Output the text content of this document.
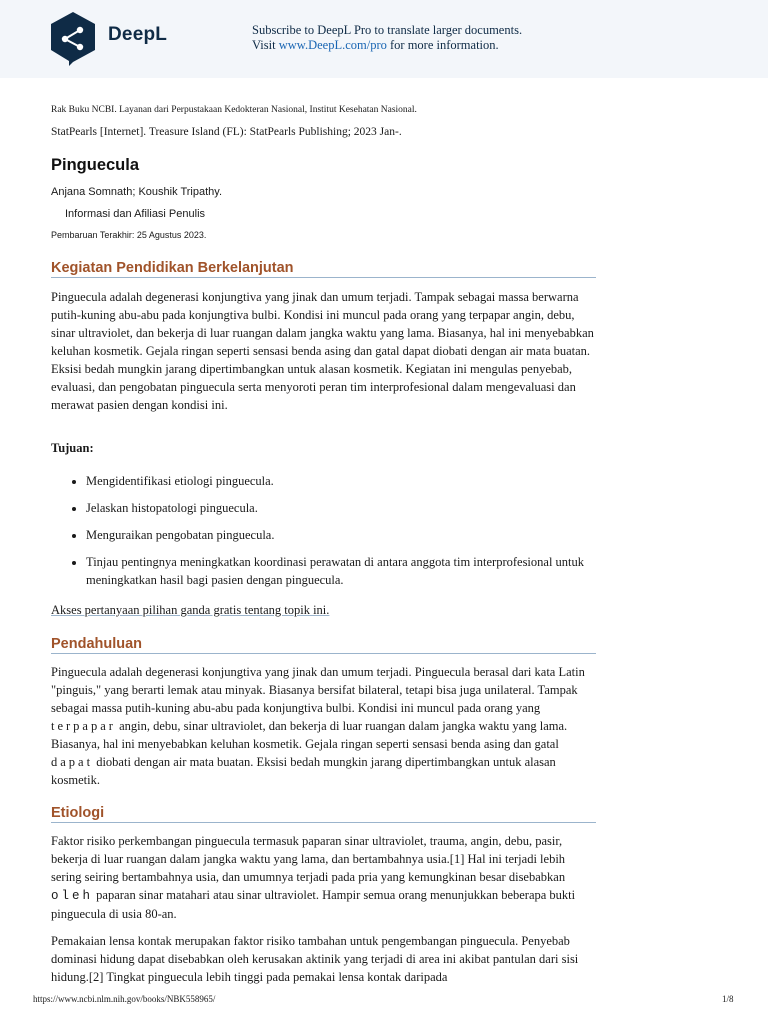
DeepL	Subscribe to DeepL Pro to translate larger documents.
Visit www.DeepL.com/pro for more information.

Rak Buku NCBI. Layanan dari Perpustakaan Kedokteran Nasional, Institut Kesehatan Nasional.

StatPearls [Internet]. Treasure Island (FL): StatPearls Publishing; 2023 Jan-.

Pinguecula
Anjana Somnath; Koushik Tripathy.
Informasi dan Afiliasi Penulis
Pembaruan Terakhir: 25 Agustus 2023.
Kegiatan Pendidikan Berkelanjutan

Pinguecula adalah degenerasi konjungtiva yang jinak dan umum terjadi. Tampak sebagai massa berwarna putih-kuning abu-abu pada konjungtiva bulbi. Kondisi ini muncul pada orang yang terpapar angin, debu, sinar ultraviolet, dan bekerja di luar ruangan dalam jangka waktu yang lama. Biasanya, hal ini menyebabkan keluhan kosmetik. Gejala ringan seperti sensasi benda asing dan gatal dapat diobati dengan air mata buatan. Eksisi bedah mungkin jarang dipertimbangkan untuk alasan kosmetik. Kegiatan ini mengulas penyebab, evaluasi, dan pengobatan pinguecula serta menyoroti peran tim interprofesional dalam mengevaluasi dan merawat pasien dengan kondisi ini.

Tujuan:
• Mengidentifikasi etiologi pinguecula.
• Jelaskan histopatologi pinguecula.
• Menguraikan pengobatan pinguecula.
• Tinjau pentingnya meningkatkan koordinasi perawatan di antara anggota tim interprofesional untuk meningkatkan hasil bagi pasien dengan pinguecula.
Akses pertanyaan pilihan ganda gratis tentang topik ini.
Pendahuluan

Pinguecula adalah degenerasi konjungtiva yang jinak dan umum terjadi. Pinguecula berasal dari kata Latin "pinguis," yang berarti lemak atau minyak. Biasanya bersifat bilateral, tetapi bisa juga unilateral. Tampak sebagai massa putih-kuning abu-abu pada konjungtiva bulbi. Kondisi ini muncul pada orang yang terpapar angin, debu, sinar ultraviolet, dan bekerja di luar ruangan dalam jangka waktu yang lama. Biasanya, hal ini menyebabkan keluhan kosmetik. Gejala ringan seperti sensasi benda asing dan gatal dapat diobati dengan air mata buatan. Eksisi bedah mungkin jarang dipertimbangkan untuk alasan kosmetik.

Etiologi

Faktor risiko perkembangan pinguecula termasuk paparan sinar ultraviolet, trauma, angin, debu, pasir, bekerja di luar ruangan dalam jangka waktu yang lama, dan bertambahnya usia.[1] Hal ini terjadi lebih sering seiring bertambahnya usia, dan umumnya terjadi pada pria yang kemungkinan besar disebabkan oleh paparan sinar matahari atau sinar ultraviolet. Hampir semua orang menunjukkan beberapa bukti pinguecula di usia 80-an.

Pemakaian lensa kontak merupakan faktor risiko tambahan untuk pengembangan pinguecula. Penyebab dominasi hidung dapat disebabkan oleh kerusakan aktinik yang terjadi di area ini akibat pantulan dari sisi hidung.[2] Tingkat pinguecula lebih tinggi pada pemakai lensa kontak daripada

https://www.ncbi.nlm.nih.gov/books/NBK558965/	1/8
